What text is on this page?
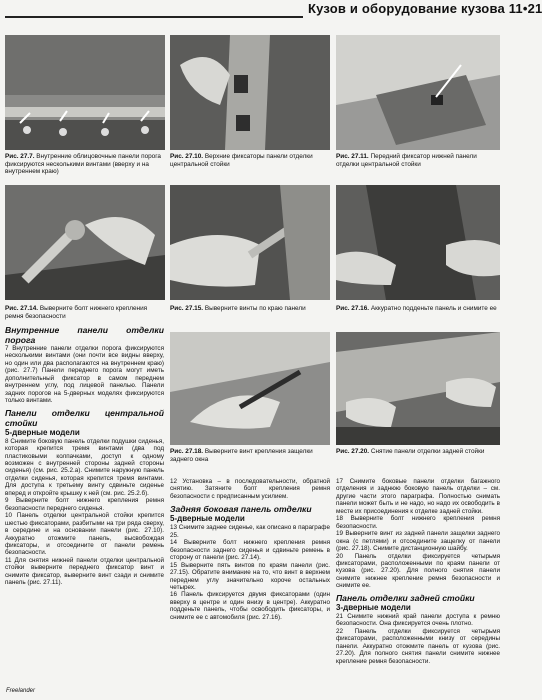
Кузов и оборудование кузова 11•21
Рис. 27.7. Внутренние облицовочные панели порога фиксируются несколькими винтами (вверху и на внутреннем краю)
Рис. 27.10. Верхние фиксаторы панели отделки центральной стойки
Рис. 27.11. Передний фиксатор нижней панели отделки центральной стойки
Рис. 27.14. Выверните болт нижнего крепления ремня безопасности
Рис. 27.15. Выверните винты по краю панели	Рис. 27.16. Аккуратно подденьте панель и снимите ее
Рис. 27.18. Выверните винт крепления защелки заднего окна
Рис. 27.20. Снятие панели отделки задней стойки

Внутренние панели отделки порога

7 Внутренние панели отделки порога фиксируются несколькими винтами (они почти все видны вверху, но один или два располагаются на внутреннем краю) (рис. 27.7) Панели переднего порога могут иметь дополнительный фиксатор в самом переднем внутреннем углу, под лицевой панелью. Панели задних порогов на 5-дверных моделях фиксируются только винтами.

Панели отделки центральной стойки

5-дверные модели

8 Снимите боковую панель отделки подушки сиденья, которая крепится тремя винтами (два под пластиковыми колпачками, доступ к одному возможен с внутренней стороны задней стороны сиденья) (см. рис. 25.2.а). Снимите наружную панель отделки сиденья, которая крепится тремя винтами. Для доступа к третьему винту сдвиньте сиденье вперед и откройте крышку к ней (см. рис. 25.2.б).

9 Выверните болт нижнего крепления ремня безопасности переднего сиденья.

10 Панель отделки центральной стойки крепится шестью фиксаторами, разбитыми на три ряда сверху, в середине и на основании панели (рис. 27.10). Аккуратно отожмите панель, высвобождая фиксаторы, и отсоедините от панели ремень безопасности.

11 Для снятия нижней панели отделки центральной стойки выверните переднего фиксатор винт и снимите фиксатор, выверните винт сзади и снимите панель (рис. 27.11).

12 Установка – в последовательности, обратной снятию. Затяните болт крепления ремня безопасности с предписанным усилием.

Задняя боковая панель отделки

5-дверные модели

13 Снимите заднее сиденье, как описано в параграфе 25.

14 Выверните болт нижнего крепления ремня безопасности заднего сиденья и сдвиньте ремень в сторону от панели (рис. 27.14).

15 Выверните пять винтов по краям панели (рис. 27.15). Обратите внимание на то, что винт в верхнем переднем углу значительно короче остальных четырех.

16 Панель фиксируется двумя фиксаторами (один вверху в центре и один внизу в центре). Аккуратно подденьте панель, чтобы освободить фиксаторы, и снимите ее с автомобиля (рис. 27.16).

17 Снимите боковые панели отделки багажного отделения и заднюю боковую панель отделки – см. другие части этого параграфа. Полностью снимать панели может быть и не надо, но надо их освободить в месте их присоединения к отделке задней стойки.

18 Выверните болт нижнего крепления ремня безопасности.

19 Выверните винт из задней панели защелки заднего окна (с петлями) и отсоедините защелку от панели (рис. 27.18). Снимите дистанционную шайбу.

20 Панель отделки фиксируется четырьмя фиксаторами, расположенными по краям панели от кузова (рис. 27.20). Для полного снятия панели снимите нижнее крепление ремня безопасности и снимите ее.

Панель отделки задней стойки

3-дверные модели

21 Снимите нижний край панели доступа к ремню безопасности. Она фиксируется очень плотно.

22 Панель отделки фиксируется четырьмя фиксаторами, расположенными книзу от середины панели. Аккуратно отожмите панель от кузова (рис. 27.20). Для полного снятия панели снимите нижнее крепление ремня безопасности.

Freelander
